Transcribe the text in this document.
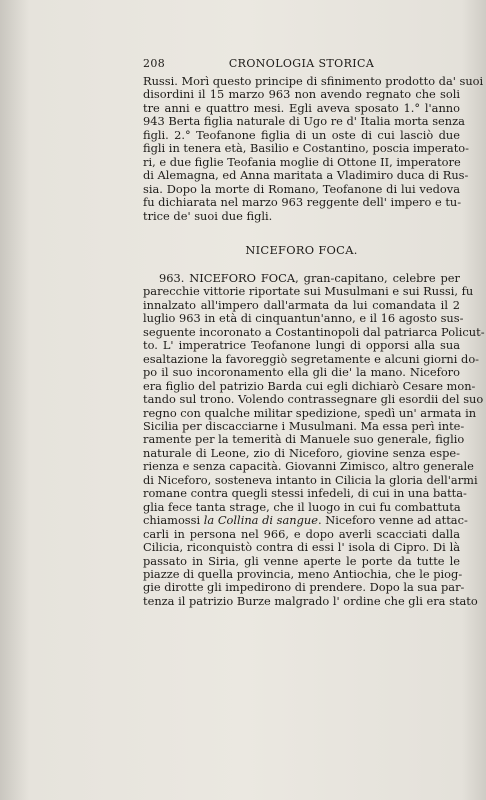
208	CRONOLOGIA STORICA
Russi. Morì questo principe di sfinimento prodotto da' suoi
disordini il 15 marzo 963 non avendo regnato che soli
tre anni e quattro mesi. Egli aveva sposato 1.° l'anno
943 Berta figlia naturale di Ugo re d' Italia morta senza
figli. 2.° Teofanone figlia di un oste di cui lasciò due
figli in tenera età, Basilio e Costantino, poscia imperato-
ri, e due figlie Teofania moglie di Ottone II, imperatore
di Alemagna, ed Anna maritata a Vladimiro duca di Rus-
sia. Dopo la morte di Romano, Teofanone di lui vedova
fu dichiarata nel marzo 963 reggente dell' impero e tu-
trice de' suoi due figli.
NICEFORO FOCA.
963. NICEFORO FOCA, gran-capitano, celebre per
parecchie vittorie riportate sui Musulmani e sui Russi, fu
innalzato all'impero dall'armata da lui comandata il 2
luglio 963 in età di cinquantun'anno, e il 16 agosto sus-
seguente incoronato a Costantinopoli dal patriarca Policut-
to. L' imperatrice Teofanone lungi di opporsi alla sua
esaltazione la favoreggiò segretamente e alcuni giorni do-
po il suo incoronamento ella gli die' la mano. Niceforo
era figlio del patrizio Barda cui egli dichiarò Cesare mon-
tando sul trono. Volendo contrassegnare gli esordii del suo
regno con qualche militar spedizione, spedì un' armata in
Sicilia per discacciarne i Musulmani. Ma essa perì inte-
ramente per la temerità di Manuele suo generale, figlio
naturale di Leone, zio di Niceforo, giovine senza espe-
rienza e senza capacità. Giovanni Zimisco, altro generale
di Niceforo, sosteneva intanto in Cilicia la gloria dell'armi
romane contra quegli stessi infedeli, di cui in una batta-
glia fece tanta strage, che il luogo in cui fu combattuta
chiamossi la Collina di sangue. Niceforo venne ad attac-
carli in persona nel 966, e dopo averli scacciati dalla
Cilicia, riconquistò contra di essi l' isola di Cipro. Di là
passato in Siria, gli venne aperte le porte da tutte le
piazze di quella provincia, meno Antiochia, che le piog-
gie dirotte gli impedirono di prendere. Dopo la sua par-
tenza il patrizio Burze malgrado l' ordine che gli era stato
